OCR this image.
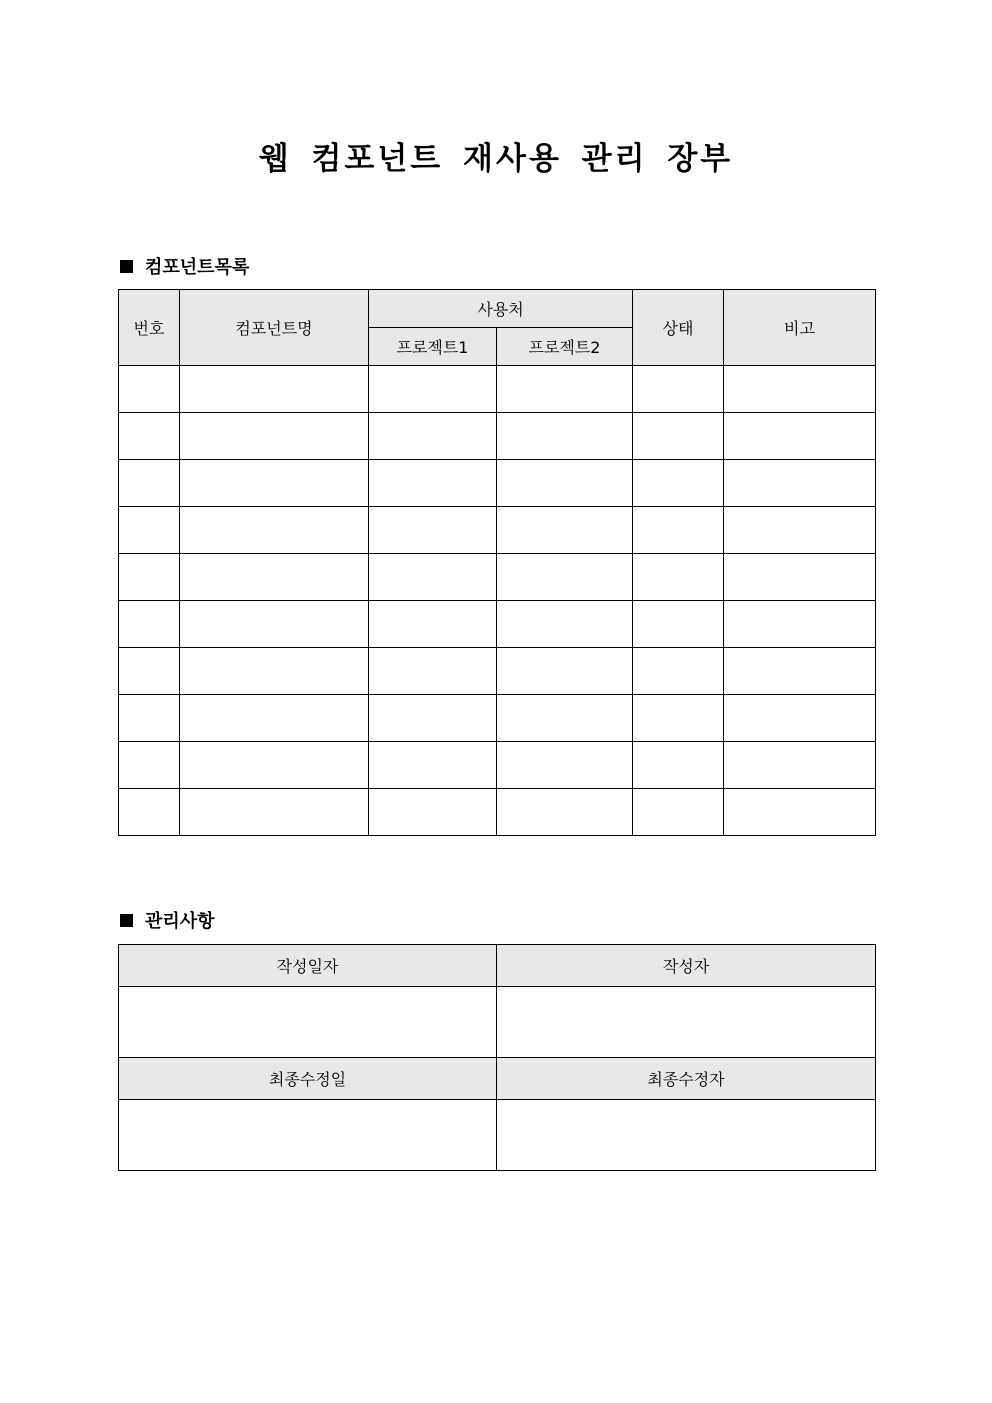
웹 컴포넌트 재사용 관리 장부
컴포넌트목록
번호	컴포넌트명	사용처		상태	비고
		프로젝트1	프로젝트2		

관리사항
작성일자	작성자

최종수정일	최종수정자
